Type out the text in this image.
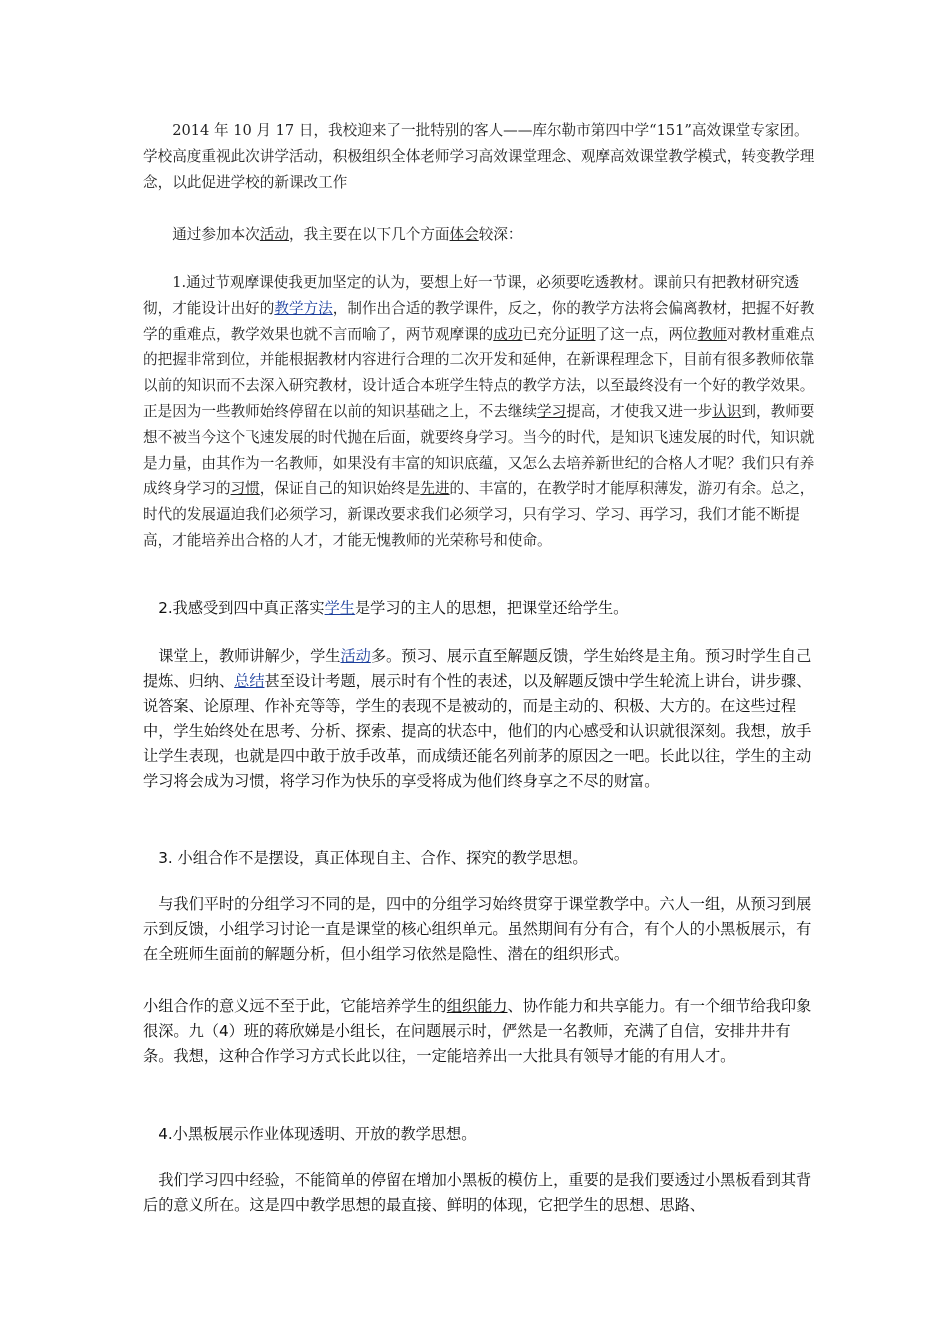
　　2014 年 10 月 17 日，我校迎来了一批特别的客人——库尔勒市第四中学“151”高效课堂专家团。学校高度重视此次讲学活动，积极组织全体老师学习高效课堂理念、观摩高效课堂教学模式，转变教学理念，以此促进学校的新课改工作

　　通过参加本次活动，我主要在以下几个方面体会较深：

　　1.通过节观摩课使我更加坚定的认为，要想上好一节课，必须要吃透教材。课前只有把教材研究透彻，才能设计出好的教学方法，制作出合适的教学课件，反之，你的教学方法将会偏离教材，把握不好教学的重难点，教学效果也就不言而喻了，两节观摩课的成功已充分证明了这一点，两位教师对教材重难点的把握非常到位，并能根据教材内容进行合理的二次开发和延伸，在新课程理念下，目前有很多教师依靠以前的知识而不去深入研究教材，设计适合本班学生特点的教学方法，以至最终没有一个好的教学效果。正是因为一些教师始终停留在以前的知识基础之上，不去继续学习提高，才使我又进一步认识到，教师要想不被当今这个飞速发展的时代抛在后面，就要终身学习。当今的时代，是知识飞速发展的时代，知识就是力量，由其作为一名教师，如果没有丰富的知识底蕴，又怎么去培养新世纪的合格人才呢？我们只有养成终身学习的习惯，保证自己的知识始终是先进的、丰富的，在教学时才能厚积薄发，游刃有余。总之，时代的发展逼迫我们必须学习，新课改要求我们必须学习，只有学习、学习、再学习，我们才能不断提高，才能培养出合格的人才，才能无愧教师的光荣称号和使命。

　2.我感受到四中真正落实学生是学习的主人的思想，把课堂还给学生。

　课堂上，教师讲解少，学生活动多。预习、展示直至解题反馈，学生始终是主角。预习时学生自己提炼、归纳、总结甚至设计考题，展示时有个性的表述，以及解题反馈中学生轮流上讲台，讲步骤、说答案、论原理、作补充等等，学生的表现不是被动的，而是主动的、积极、大方的。在这些过程中，学生始终处在思考、分析、探索、提高的状态中，他们的内心感受和认识就很深刻。我想，放手让学生表现，也就是四中敢于放手改革，而成绩还能名列前茅的原因之一吧。长此以往，学生的主动学习将会成为习惯，将学习作为快乐的享受将成为他们终身享之不尽的财富。

　3. 小组合作不是摆设，真正体现自主、合作、探究的教学思想。

　与我们平时的分组学习不同的是，四中的分组学习始终贯穿于课堂教学中。六人一组，从预习到展示到反馈，小组学习讨论一直是课堂的核心组织单元。虽然期间有分有合，有个人的小黑板展示，有在全班师生面前的解题分析，但小组学习依然是隐性、潜在的组织形式。

小组合作的意义远不至于此，它能培养学生的组织能力、协作能力和共享能力。有一个细节给我印象很深。九（4）班的蒋欣娣是小组长，在问题展示时，俨然是一名教师，充满了自信，安排井井有条。我想，这种合作学习方式长此以往，一定能培养出一大批具有领导才能的有用人才。

　4.小黑板展示作业体现透明、开放的教学思想。

　我们学习四中经验，不能简单的停留在增加小黑板的模仿上，重要的是我们要透过小黑板看到其背后的意义所在。这是四中教学思想的最直接、鲜明的体现，它把学生的思想、思路、
